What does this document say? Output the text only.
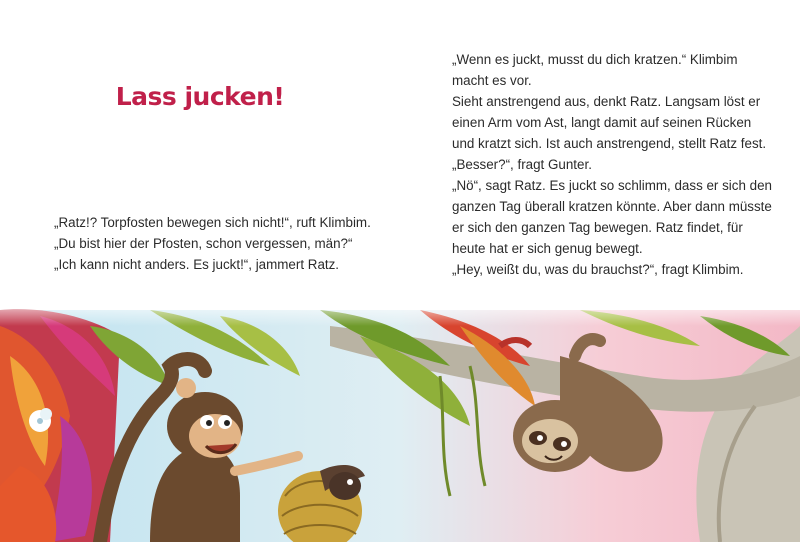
Lass jucken!

„Ratz!? Torpfosten bewegen sich nicht!“, ruft Klimbim. „Du bist hier der Pfosten, schon vergessen, män?“

„Ich kann nicht anders. Es juckt!“, jammert Ratz.

„Wenn es juckt, musst du dich kratzen.“ Klimbim macht es vor.

Sieht anstrengend aus, denkt Ratz. Langsam löst er einen Arm vom Ast, langt damit auf seinen Rücken und kratzt sich. Ist auch anstrengend, stellt Ratz fest.

„Besser?“, fragt Gunter.

„Nö“, sagt Ratz. Es juckt so schlimm, dass er sich den ganzen Tag überall kratzen könnte. Aber dann müsste er sich den ganzen Tag bewegen. Ratz findet, für heute hat er sich genug bewegt.

„Hey, weißt du, was du brauchst?“, fragt Klimbim.
